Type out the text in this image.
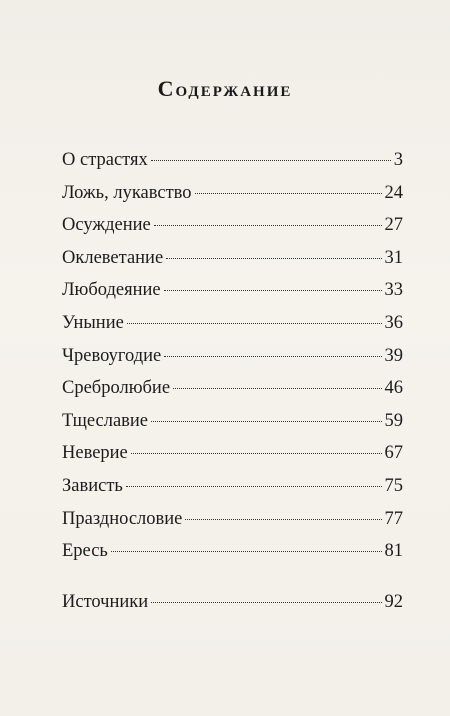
Содержание
О страстях	3
Ложь, лукавство	24
Осуждение	27
Оклеветание	31
Любодеяние	33
Уныние	36
Чревоугодие	39
Сребролюбие	46
Тщеславие	59
Неверие	67
Зависть	75
Празднословие	77
Ересь	81
Источники	92
